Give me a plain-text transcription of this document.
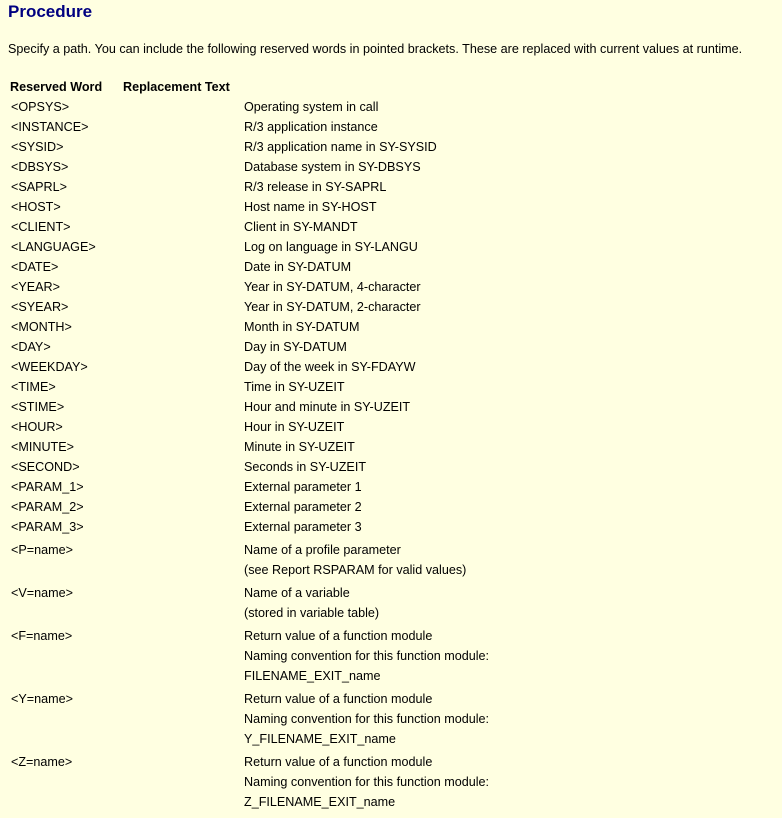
Procedure
Specify a path. You can include the following reserved words in pointed brackets. These are replaced with current values at runtime.
Reserved Word Replacement Text
<OPSYS>	Operating system in call
<INSTANCE>	R/3 application instance
<SYSID>	R/3 application name in SY-SYSID
<DBSYS>	Database system in SY-DBSYS
<SAPRL>	R/3 release in SY-SAPRL
<HOST>	Host name in SY-HOST
<CLIENT>	Client in SY-MANDT
<LANGUAGE>	Log on language in SY-LANGU
<DATE>	Date in SY-DATUM
<YEAR>	Year in SY-DATUM, 4-character
<SYEAR>	Year in SY-DATUM, 2-character
<MONTH>	Month in SY-DATUM
<DAY>	Day in SY-DATUM
<WEEKDAY>	Day of the week in SY-FDAYW
<TIME>	Time in SY-UZEIT
<STIME>	Hour and minute in SY-UZEIT
<HOUR>	Hour in SY-UZEIT
<MINUTE>	Minute in SY-UZEIT
<SECOND>	Seconds in SY-UZEIT
<PARAM_1>	External parameter 1
<PARAM_2>	External parameter 2
<PARAM_3>	External parameter 3
<P=name>	Name of a profile parameter
(see Report RSPARAM for valid values)
<V=name>	Name of a variable
(stored in variable table)
<F=name>	Return value of a function module
Naming convention for this function module:
FILENAME_EXIT_name
<Y=name>	Return value of a function module
Naming convention for this function module:
Y_FILENAME_EXIT_name
<Z=name>	Return value of a function module
Naming convention for this function module:
Z_FILENAME_EXIT_name
